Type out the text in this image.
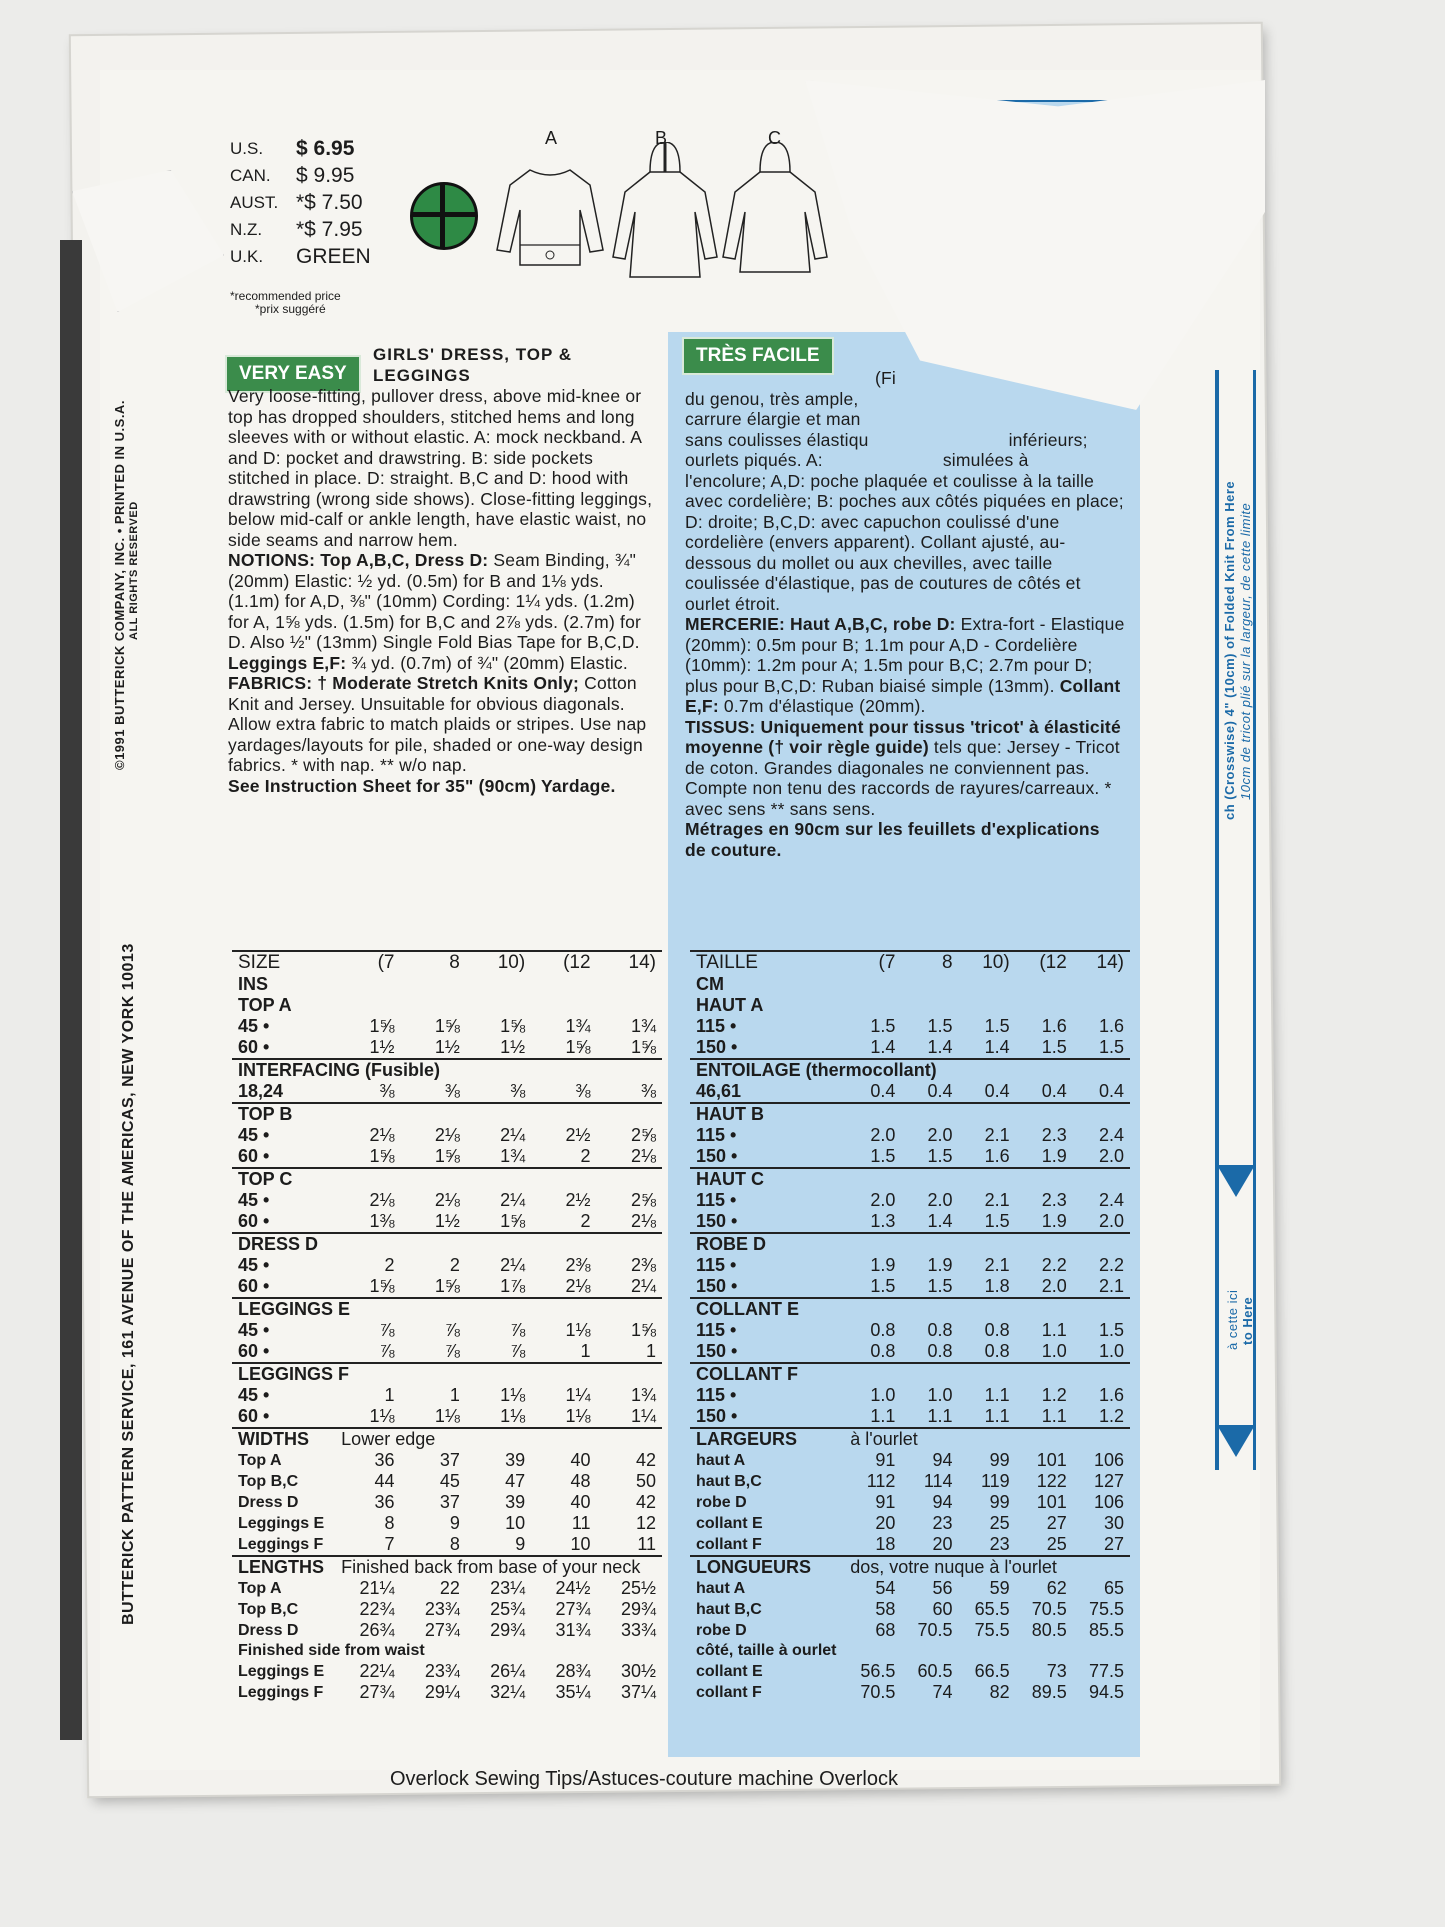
U.S.	$ 6.95
CAN.	$ 9.95
AUST. *$ 7.50
N.Z.	*$ 7.95
U.K.	GREEN
*recommended price
*prix suggéré
A	B	C
VERY EASY
TRÈS FACILE

GIRLS' DRESS, TOP & LEGGINGS

Very loose-fitting, pullover dress, above mid-knee or top has dropped shoulders, stitched hems and long sleeves with or without elastic. A: mock neckband. A and D: pocket and drawstring. B: side pockets stitched in place. D: straight. B,C and D: hood with drawstring (wrong side shows). Close-fitting leggings, below mid-calf or ankle length, have elastic waist, no side seams and narrow hem.

NOTIONS: Top A,B,C, Dress D: Seam Binding, ¾" (20mm) Elastic: ½ yd. (0.5m) for B and 1⅛ yds. (1.1m) for A,D, ⅜" (10mm) Cording: 1¼ yds. (1.2m) for A, 1⅝ yds. (1.5m) for B,C and 2⅞ yds. (2.7m) for D. Also ½" (13mm) Single Fold Bias Tape for B,C,D. Leggings E,F: ¾ yd. (0.7m) of ¾" (20mm) Elastic.

FABRICS: † Moderate Stretch Knits Only; Cotton Knit and Jersey. Unsuitable for obvious diagonals. Allow extra fabric to match plaids or stripes. Use nap yardages/layouts for pile, shaded or one-way design fabrics. * with nap. ** w/o nap.

See Instruction Sheet for 35" (90cm) Yardage.

(Fi

du genou, très ample,

carrure élargie et man

sans coulisses élastiqu	inférieurs;

ourlets piqués. A:	simulées à

l'encolure; A,D: poche plaquée et coulisse à la taille avec cordelière; B: poches aux côtés piquées en place; D: droite; B,C,D: avec capuchon coulissé d'une cordelière (envers apparent). Collant ajusté, au-dessous du mollet ou aux chevilles, avec taille coulissée d'élastique, pas de coutures de côtés et ourlet étroit.

MERCERIE: Haut A,B,C, robe D: Extra-fort - Elastique (20mm): 0.5m pour B; 1.1m pour A,D - Cordelière (10mm): 1.2m pour A; 1.5m pour B,C; 2.7m pour D; plus pour B,C,D: Ruban biaisé simple (13mm). Collant E,F: 0.7m d'élastique (20mm).

TISSUS: Uniquement pour tissus 'tricot' à élasticité moyenne († voir règle guide) tels que: Jersey - Tricot de coton. Grandes diagonales ne conviennent pas. Compte non tenu des raccords de rayures/carreaux. * avec sens ** sans sens.

Métrages en 90cm sur les feuillets d'explications de couture.

©1991 BUTTERICK COMPANY, INC. • PRINTED IN U.S.A. ALL RIGHTS RESERVED
BUTTERICK PATTERN SERVICE, 161 AVENUE OF THE AMERICAS, NEW YORK 10013
ch (Crosswise) 4" (10cm) of Folded Knit From Here 10cm de tricot plié sur la largeur, de cette limite
to Here
à cette ici
SIZE	(7	8	10)	(12	14)
INS					
TOP A					
45 •	1⅝	1⅝	1⅝	1¾	1¾
60 •	1½	1½	1½	1⅝	1⅝
INTERFACING (Fusible)					
18,24	⅜	⅜	⅜	⅜	⅜
TOP B					
45 •	2⅛	2⅛	2¼	2½	2⅝
60 •	1⅝	1⅝	1¾	2	2⅛
TOP C					
45 •	2⅛	2⅛	2¼	2½	2⅝
60 •	1⅜	1½	1⅝	2	2⅛
DRESS D					
45 •	2	2	2¼	2⅜	2⅜
60 •	1⅝	1⅝	1⅞	2⅛	2¼
LEGGINGS E					
45 •	⅞	⅞	⅞	1⅛	1⅝
60 •	⅞	⅞	⅞	1	1
LEGGINGS F					
45 •	1	1	1⅛	1¼	1¾
60 •	1⅛	1⅛	1⅛	1⅛	1¼
WIDTHS	Lower edge				
Top A	36	37	39	40	42
Top B,C	44	45	47	48	50
Dress D	36	37	39	40	42
Leggings E	8	9	10	11	12
Leggings F	7	8	9	10	11
LENGTHS	Finished back from base of your neck				
Top A	21¼	22	23¼	24½	25½
Top B,C	22¾	23¾	25¾	27¾	29¾
Dress D	26¾	27¾	29¾	31¾	33¾
Finished side from waist					
Leggings E	22¼	23¾	26¼	28¾	30½
Leggings F	27¾	29¼	32¼	35¼	37¼
TAILLE	(7	8	10)	(12	14)
CM					
HAUT A					
115 •	1.5	1.5	1.5	1.6	1.6
150 •	1.4	1.4	1.4	1.5	1.5
ENTOILAGE (thermocollant)					
46,61	0.4	0.4	0.4	0.4	0.4
HAUT B					
115 •	2.0	2.0	2.1	2.3	2.4
150 •	1.5	1.5	1.6	1.9	2.0
HAUT C					
115 •	2.0	2.0	2.1	2.3	2.4
150 •	1.3	1.4	1.5	1.9	2.0
ROBE D					
115 •	1.9	1.9	2.1	2.2	2.2
150 •	1.5	1.5	1.8	2.0	2.1
COLLANT E					
115 •	0.8	0.8	0.8	1.1	1.5
150 •	0.8	0.8	0.8	1.0	1.0
COLLANT F					
115 •	1.0	1.0	1.1	1.2	1.6
150 •	1.1	1.1	1.1	1.1	1.2
LARGEURS	à l'ourlet				
haut A	91	94	99	101	106
haut B,C	112	114	119	122	127
robe D	91	94	99	101	106
collant E	20	23	25	27	30
collant F	18	20	23	25	27
LONGUEURS	dos, votre nuque à l'ourlet				
haut A	54	56	59	62	65
haut B,C	58	60	65.5	70.5	75.5
robe D	68	70.5	75.5	80.5	85.5
côté, taille à ourlet					
collant E	56.5	60.5	66.5	73	77.5
collant F	70.5	74	82	89.5	94.5
Overlock Sewing Tips/Astuces-couture machine Overlock
